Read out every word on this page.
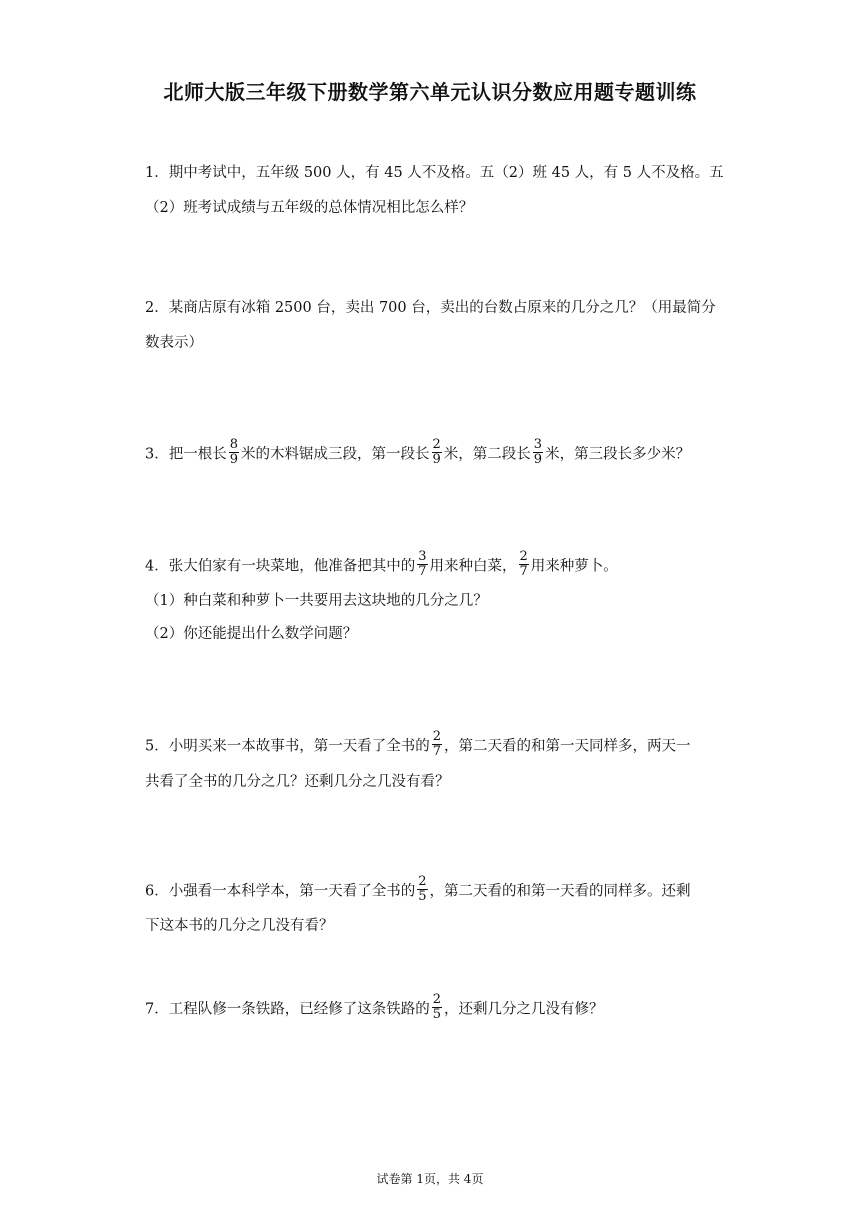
北师大版三年级下册数学第六单元认识分数应用题专题训练
1．期中考试中，五年级 500 人，有 45 人不及格。五（2）班 45 人，有 5 人不及格。五
（2）班考试成绩与五年级的总体情况相比怎么样？
2．某商店原有冰箱 2500 台，卖出 700 台，卖出的台数占原来的几分之几？（用最简分
数表示）
3．把一根长 $\frac{8}{9}$ 米的木料锯成三段，第一段长 $\frac{2}{9}$ 米，第二段长 $\frac{3}{9}$ 米，第三段长多少米？
4．张大伯家有一块菜地，他准备把其中的 $\frac{3}{7}$ 用来种白菜， $\frac{2}{7}$ 用来种萝卜。
（1）种白菜和种萝卜一共要用去这块地的几分之几？
（2）你还能提出什么数学问题？
5．小明买来一本故事书，第一天看了全书的 $\frac{2}{7}$ ，第二天看的和第一天同样多，两天一
共看了全书的几分之几？还剩几分之几没有看？
6．小强看一本科学本，第一天看了全书的 $\frac{2}{5}$ ，第二天看的和第一天看的同样多。还剩
下这本书的几分之几没有看？
7．工程队修一条铁路，已经修了这条铁路的 $\frac{2}{5}$ ，还剩几分之几没有修？
试卷第 1页，共 4页
